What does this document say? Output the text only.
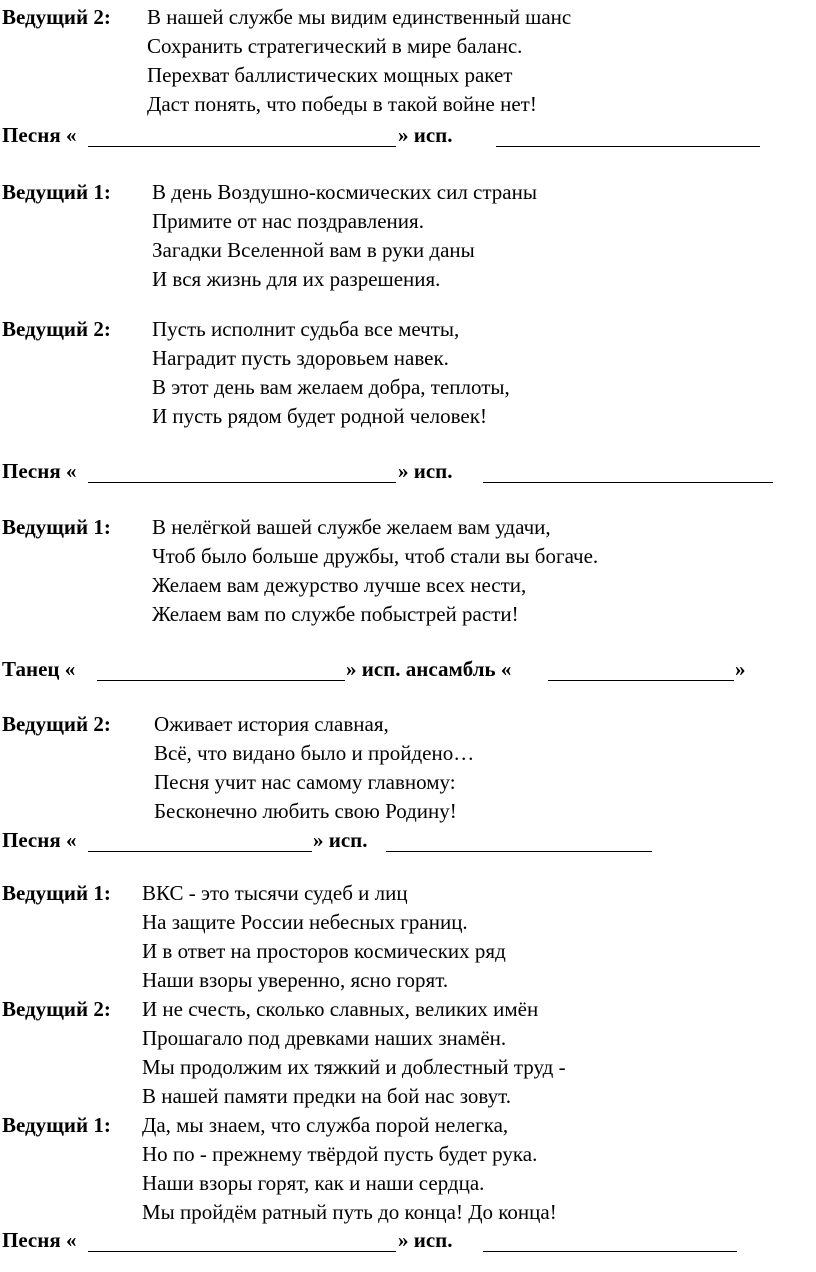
Ведущий 2: В нашей службе мы видим единственный шанс
Сохранить стратегический в мире баланс.
Перехват баллистических мощных ракет
Даст понять, что победы в такой войне нет!
Песня «	» исп.
Ведущий 1: В день Воздушно-космических сил страны
Примите от нас поздравления.
Загадки Вселенной вам в руки даны
И вся жизнь для их разрешения.
Ведущий 2: Пусть исполнит судьба все мечты,
Наградит пусть здоровьем навек.
В этот день вам желаем добра, теплоты,
И пусть рядом будет родной человек!
Песня «	» исп.
Ведущий 1: В нелёгкой вашей службе желаем вам удачи,
Чтоб было больше дружбы, чтоб стали вы богаче.
Желаем вам дежурство лучше всех нести,
Желаем вам по службе побыстрей расти!
Танец «	» исп. ансамбль «	»
Ведущий 2: Оживает история славная,
Всё, что видано было и пройдено…
Песня учит нас самому главному:
Бесконечно любить свою Родину!
Песня «	» исп.
Ведущий 1: ВКС - это тысячи судеб и лиц
На защите России небесных границ.
И в ответ на просторов космических ряд
Наши взоры уверенно, ясно горят.
Ведущий 2: И не счесть, сколько славных, великих имён
Прошагало под древками наших знамён.
Мы продолжим их тяжкий и доблестный труд -
В нашей памяти предки на бой нас зовут.
Ведущий 1: Да, мы знаем, что служба порой нелегка,
Но по - прежнему твёрдой пусть будет рука.
Наши взоры горят, как и наши сердца.
Мы пройдём ратный путь до конца! До конца!
Песня «	» исп.
